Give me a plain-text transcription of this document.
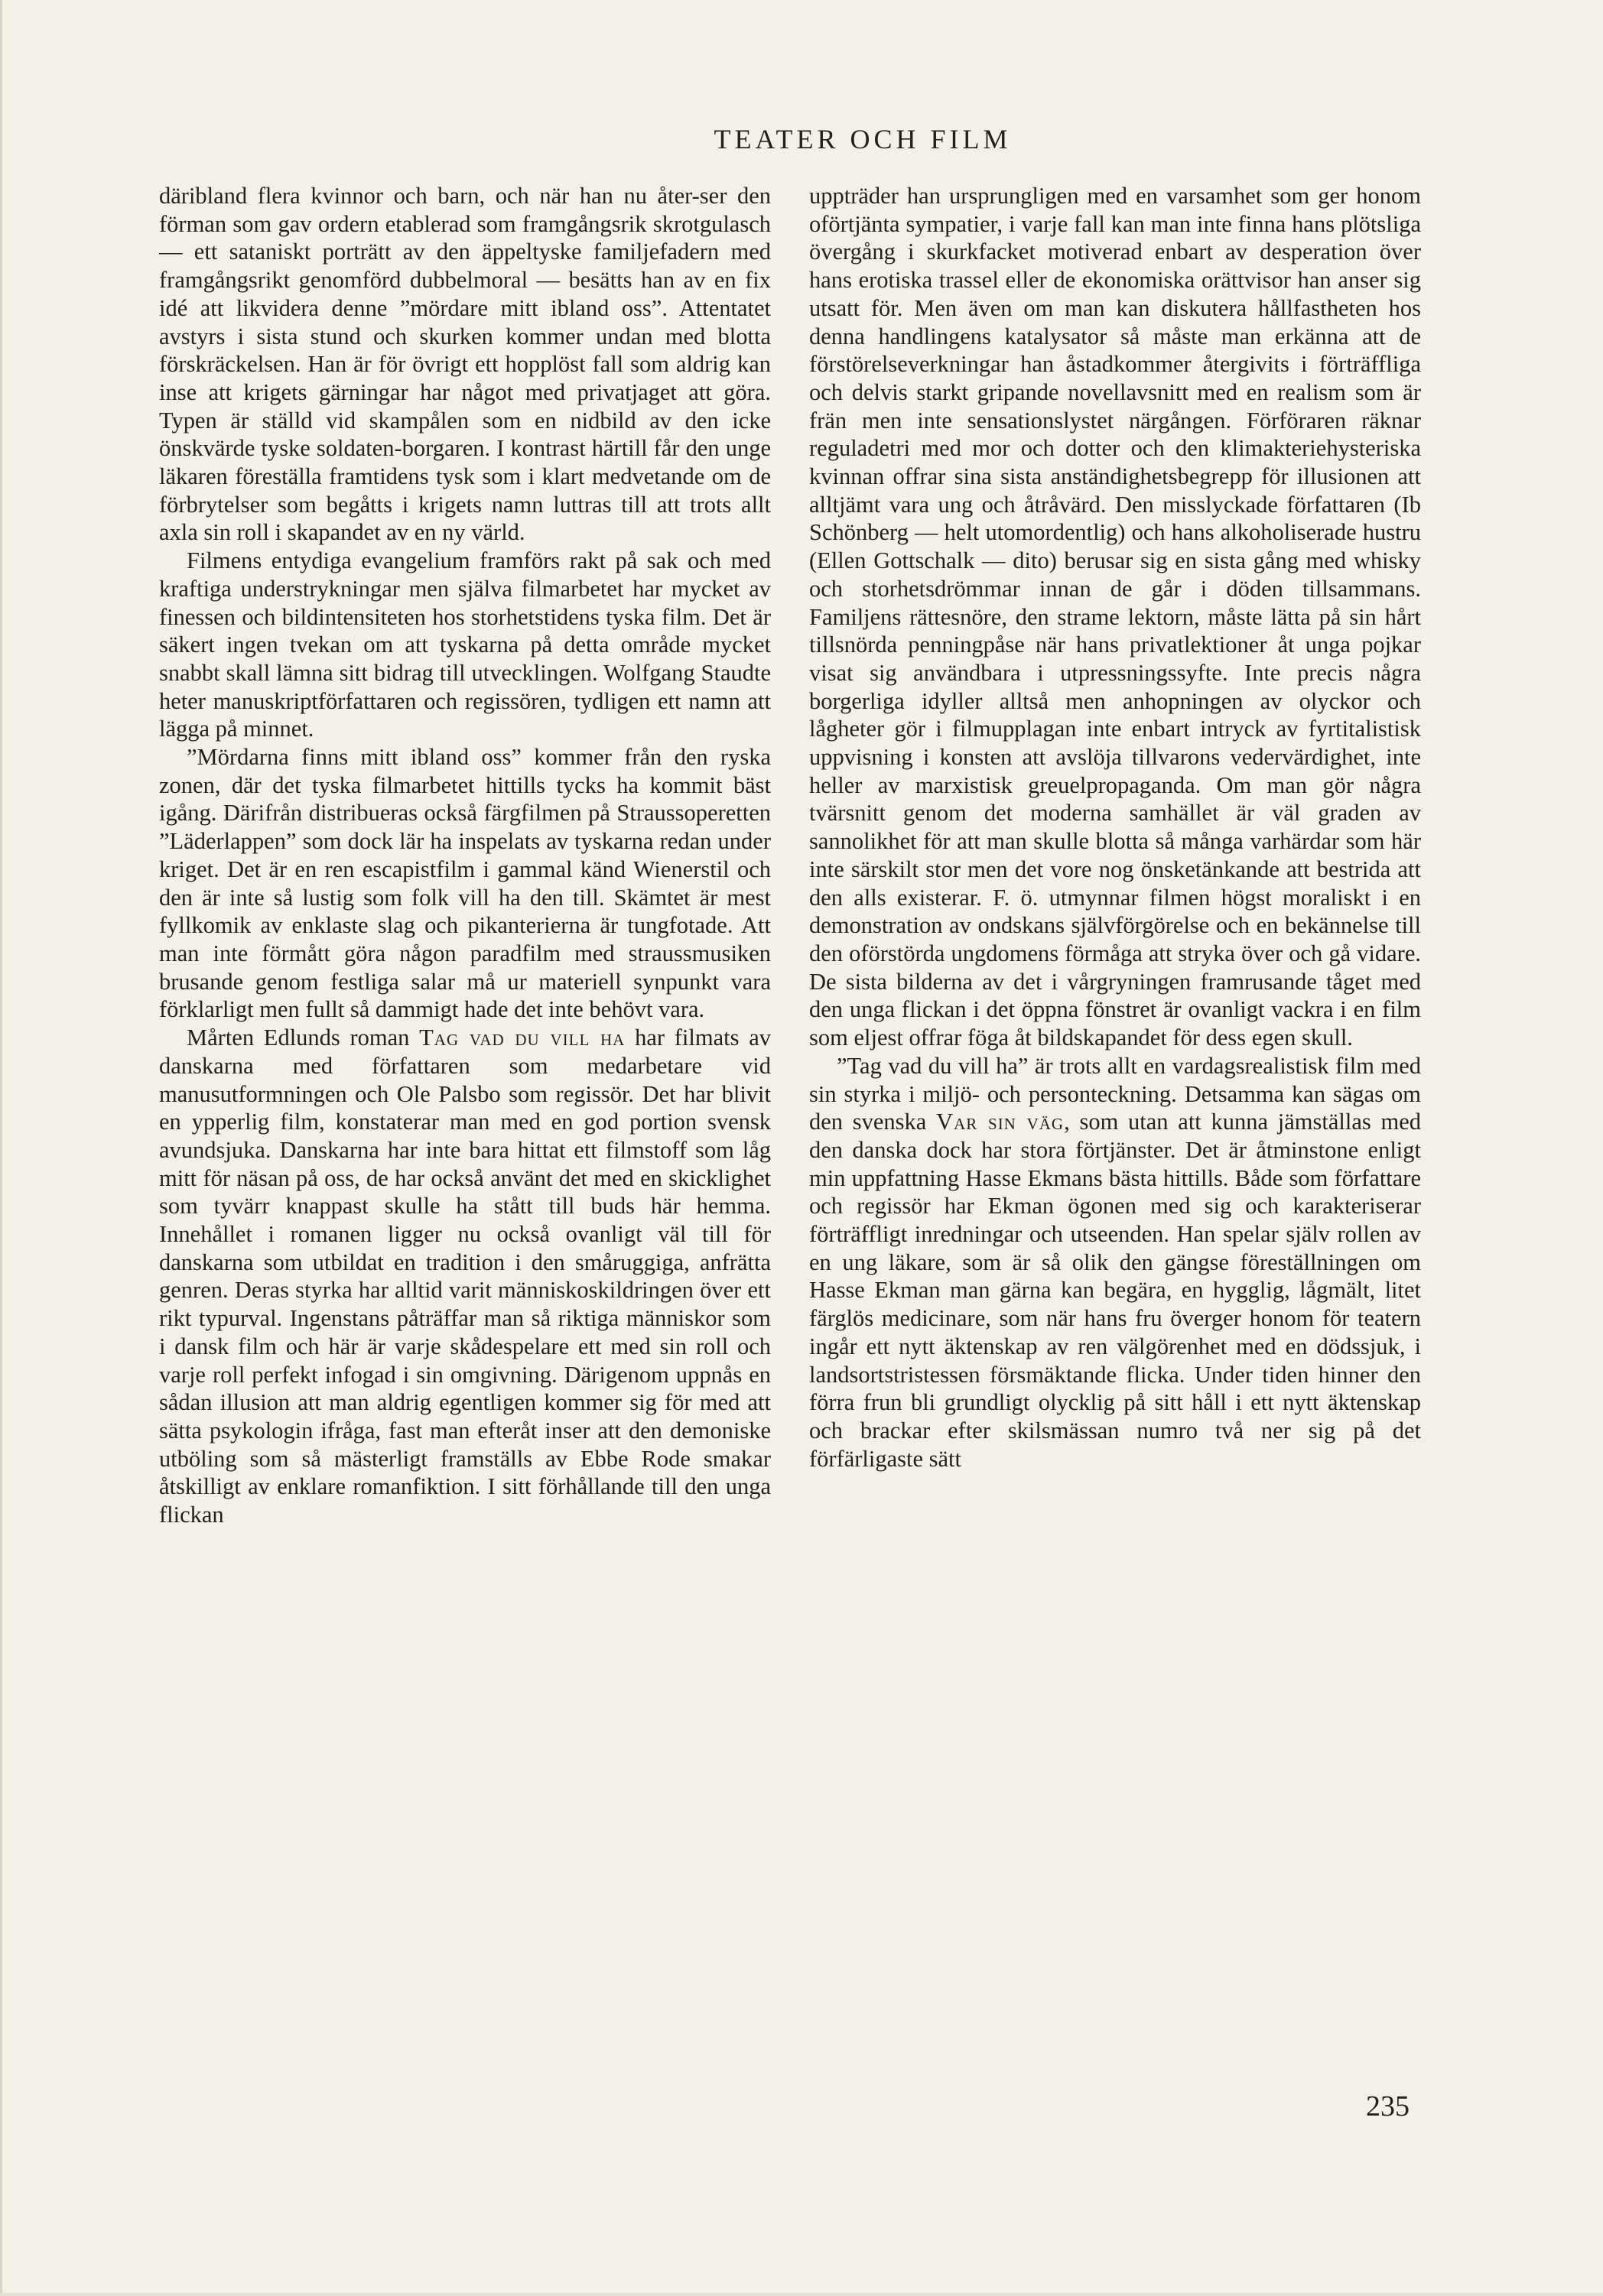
TEATER OCH FILM

däribland flera kvinnor och barn, och när han nu åter-ser den förman som gav ordern etablerad som framgångsrik skrotgulasch — ett sataniskt porträtt av den äppeltyske familjefadern med framgångsrikt genomförd dubbelmoral — besätts han av en fix idé att likvidera denne ”mördare mitt ibland oss”. Attentatet avstyrs i sista stund och skurken kommer undan med blotta förskräckelsen. Han är för övrigt ett hopplöst fall som aldrig kan inse att krigets gärningar har något med privatjaget att göra. Typen är ställd vid skampålen som en nidbild av den icke önskvärde tyske soldaten-borgaren. I kontrast härtill får den unge läkaren föreställa framtidens tysk som i klart medvetande om de förbrytelser som begåtts i krigets namn luttras till att trots allt axla sin roll i skapandet av en ny värld.

Filmens entydiga evangelium framförs rakt på sak och med kraftiga understrykningar men själva filmarbetet har mycket av finessen och bildintensiteten hos storhetstidens tyska film. Det är säkert ingen tvekan om att tyskarna på detta område mycket snabbt skall lämna sitt bidrag till utvecklingen. Wolfgang Staudte heter manuskriptförfattaren och regissören, tydligen ett namn att lägga på minnet.

”Mördarna finns mitt ibland oss” kommer från den ryska zonen, där det tyska filmarbetet hittills tycks ha kommit bäst igång. Därifrån distribueras också färgfilmen på Straussoperetten ”Läderlappen” som dock lär ha inspelats av tyskarna redan under kriget. Det är en ren escapistfilm i gammal känd Wienerstil och den är inte så lustig som folk vill ha den till. Skämtet är mest fyllkomik av enklaste slag och pikanterierna är tungfotade. Att man inte förmått göra någon paradfilm med straussmusiken brusande genom festliga salar må ur materiell synpunkt vara förklarligt men fullt så dammigt hade det inte behövt vara.

Mårten Edlunds roman Tag vad du vill ha har filmats av danskarna med författaren som medarbetare vid manusutformningen och Ole Palsbo som regissör. Det har blivit en ypperlig film, konstaterar man med en god portion svensk avundsjuka. Danskarna har inte bara hittat ett filmstoff som låg mitt för näsan på oss, de har också använt det med en skicklighet som tyvärr knappast skulle ha stått till buds här hemma. Innehållet i romanen ligger nu också ovanligt väl till för danskarna som utbildat en tradition i den småruggiga, anfrätta genren. Deras styrka har alltid varit människoskildringen över ett rikt typurval. Ingenstans påträffar man så riktiga människor som i dansk film och här är varje skådespelare ett med sin roll och varje roll perfekt infogad i sin omgivning. Därigenom uppnås en sådan illusion att man aldrig egentligen kommer sig för med att sätta psykologin ifråga, fast man efteråt inser att den demoniske utböling som så mästerligt framställs av Ebbe Rode smakar åtskilligt av enklare romanfiktion. I sitt förhållande till den unga flickan

uppträder han ursprungligen med en varsamhet som ger honom oförtjänta sympatier, i varje fall kan man inte finna hans plötsliga övergång i skurkfacket motiverad enbart av desperation över hans erotiska trassel eller de ekonomiska orättvisor han anser sig utsatt för. Men även om man kan diskutera hållfastheten hos denna handlingens katalysator så måste man erkänna att de förstörelseverkningar han åstadkommer återgivits i förträffliga och delvis starkt gripande novellavsnitt med en realism som är frän men inte sensationslystet närgången. Förföraren räknar reguladetri med mor och dotter och den klimakteriehysteriska kvinnan offrar sina sista anständighetsbegrepp för illusionen att alltjämt vara ung och åtråvärd. Den misslyckade författaren (Ib Schönberg — helt utomordentlig) och hans alkoholiserade hustru (Ellen Gottschalk — dito) berusar sig en sista gång med whisky och storhetsdrömmar innan de går i döden tillsammans. Familjens rättesnöre, den strame lektorn, måste lätta på sin hårt tillsnörda penningpåse när hans privatlektioner åt unga pojkar visat sig användbara i utpressningssyfte. Inte precis några borgerliga idyller alltså men anhopningen av olyckor och lågheter gör i filmupplagan inte enbart intryck av fyrtitalistisk uppvisning i konsten att avslöja tillvarons vedervärdighet, inte heller av marxistisk greuelpropaganda. Om man gör några tvärsnitt genom det moderna samhället är väl graden av sannolikhet för att man skulle blotta så många varhärdar som här inte särskilt stor men det vore nog önsketänkande att bestrida att den alls existerar. F. ö. utmynnar filmen högst moraliskt i en demonstration av ondskans självförgörelse och en bekännelse till den oförstörda ungdomens förmåga att stryka över och gå vidare. De sista bilderna av det i vårgryningen framrusande tåget med den unga flickan i det öppna fönstret är ovanligt vackra i en film som eljest offrar föga åt bildskapandet för dess egen skull.

”Tag vad du vill ha” är trots allt en vardagsrealistisk film med sin styrka i miljö- och personteckning. Detsamma kan sägas om den svenska Var sin väg, som utan att kunna jämställas med den danska dock har stora förtjänster. Det är åtminstone enligt min uppfattning Hasse Ekmans bästa hittills. Både som författare och regissör har Ekman ögonen med sig och karakteriserar förträffligt inredningar och utseenden. Han spelar själv rollen av en ung läkare, som är så olik den gängse föreställningen om Hasse Ekman man gärna kan begära, en hygglig, lågmält, litet färglös medicinare, som när hans fru överger honom för teatern ingår ett nytt äktenskap av ren välgörenhet med en dödssjuk, i landsortstristessen försmäktande flicka. Under tiden hinner den förra frun bli grundligt olycklig på sitt håll i ett nytt äktenskap och brackar efter skilsmässan numro två ner sig på det förfärligaste sätt

235
